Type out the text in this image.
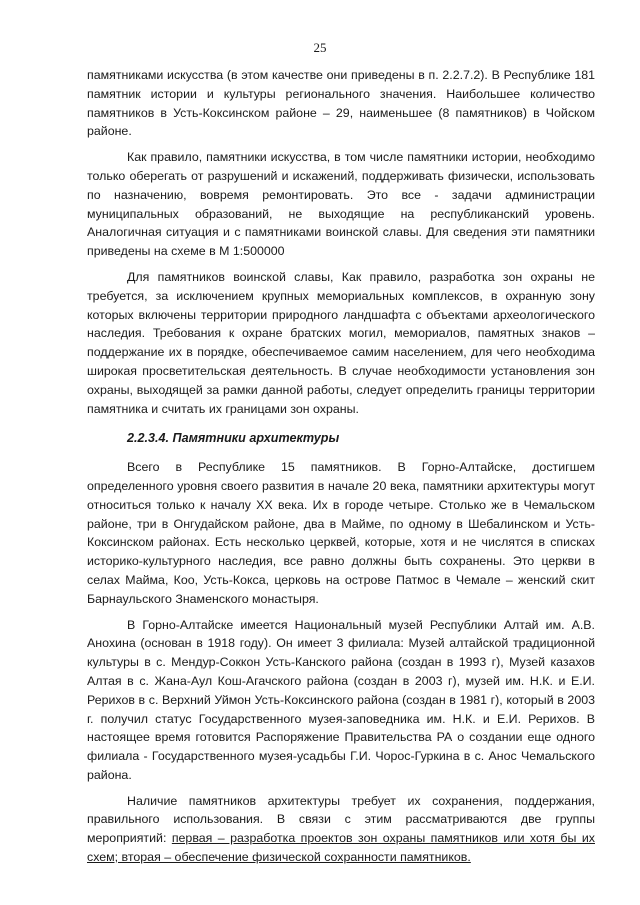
25

памятниками искусства (в этом качестве они приведены в п. 2.2.7.2). В Республике 181 памятник истории и культуры регионального значения. Наибольшее количество памятников в Усть-Коксинском районе – 29, наименьшее (8 памятников) в Чойском районе.

Как правило, памятники искусства, в том числе памятники истории, необходимо только оберегать от разрушений и искажений, поддерживать физически, использовать по назначению, вовремя ремонтировать. Это все - задачи администрации муниципальных образований, не выходящие на республиканский уровень. Аналогичная ситуация и с памятниками воинской славы. Для сведения эти памятники приведены на схеме в М 1:500000

Для памятников воинской славы, Как правило, разработка зон охраны не требуется, за исключением крупных мемориальных комплексов, в охранную зону которых включены территории природного ландшафта с объектами археологического наследия. Требования к охране братских могил, мемориалов, памятных знаков – поддержание их в порядке, обеспечиваемое самим населением, для чего необходима широкая просветительская деятельность. В случае необходимости установления зон охраны, выходящей за рамки данной работы, следует определить границы территории памятника и считать их границами зон охраны.

2.2.3.4. Памятники архитектуры

Всего в Республике 15 памятников. В Горно-Алтайске, достигшем определенного уровня своего развития в начале 20 века, памятники архитектуры могут относиться только к началу XX века. Их в городе четыре. Столько же в Чемальском районе, три в Онгудайском районе, два в Майме, по одному в Шебалинском и Усть-Коксинском районах. Есть несколько церквей, которые, хотя и не числятся в списках историко-культурного наследия, все равно должны быть сохранены. Это церкви в селах Майма, Коо, Усть-Кокса, церковь на острове Патмос в Чемале – женский скит Барнаульского Знаменского монастыря.

В Горно-Алтайске имеется Национальный музей Республики Алтай им. А.В. Анохина (основан в 1918 году). Он имеет 3 филиала: Музей алтайской традиционной культуры в с. Мендур-Соккон Усть-Канского района (создан в 1993 г), Музей казахов Алтая в с. Жана-Аул Кош-Агачского района (создан в 2003 г), музей им. Н.К. и Е.И. Рерихов в с. Верхний Уймон Усть-Коксинского района (создан в 1981 г), который в 2003 г. получил статус Государственного музея-заповедника им. Н.К. и Е.И. Рерихов. В настоящее время готовится Распоряжение Правительства РА о создании еще одного филиала - Государственного музея-усадьбы Г.И. Чорос-Гуркина в с. Анос Чемальского района.

Наличие памятников архитектуры требует их сохранения, поддержания, правильного использования. В связи с этим рассматриваются две группы мероприятий: первая – разработка проектов зон охраны памятников или хотя бы их схем; вторая – обеспечение физической сохранности памятников.
